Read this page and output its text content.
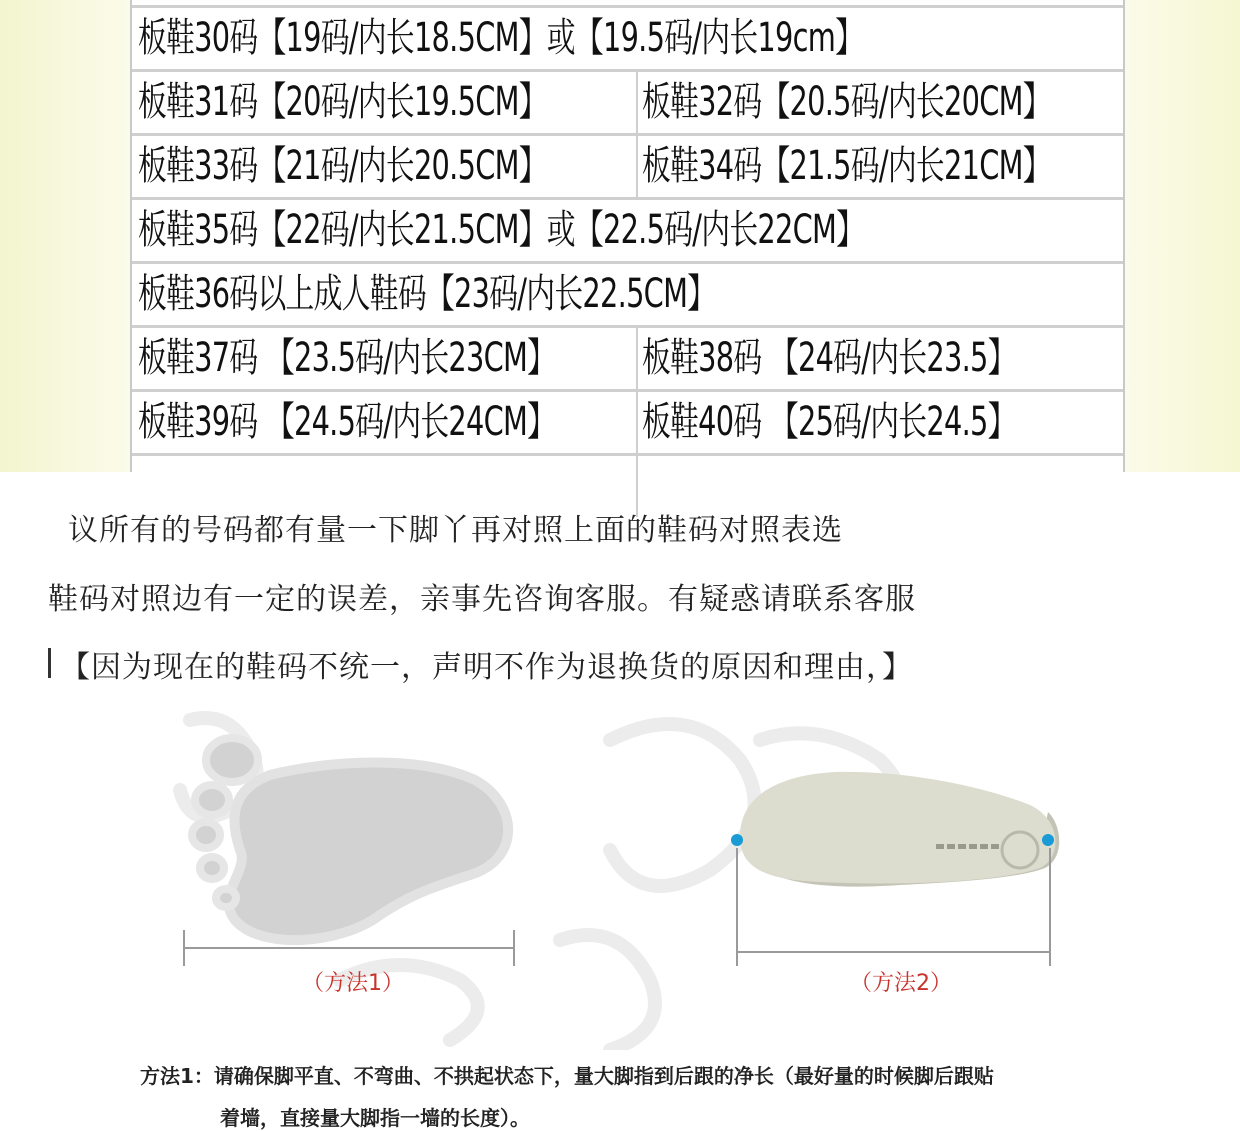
板鞋30码【19码/内长18.5CM】或【19.5码/内长19cm】
板鞋31码【20码/内长19.5CM】	板鞋32码【20.5码/内长20CM】
板鞋33码【21码/内长20.5CM】	板鞋34码【21.5码/内长21CM】
板鞋35码【22码/内长21.5CM】或【22.5码/内长22CM】
板鞋36码以上成人鞋码【23码/内长22.5CM】
板鞋37码 【23.5码/内长23CM】	板鞋38码 【24码/内长23.5】
板鞋39码 【24.5码/内长24CM】	板鞋40码 【25码/内长24.5】
议所有的号码都有量一下脚丫再对照上面的鞋码对照表选
鞋码对照边有一定的误差，亲事先咨询客服。有疑惑请联系客服
【因为现在的鞋码不统一，声明不作为退换货的原因和理由，】
（方法1）	（方法2）
方法1：请确保脚平直、不弯曲、不拱起状态下，量大脚指到后跟的净长（最好量的时候脚后跟贴
着墙，直接量大脚指一墙的长度）。
